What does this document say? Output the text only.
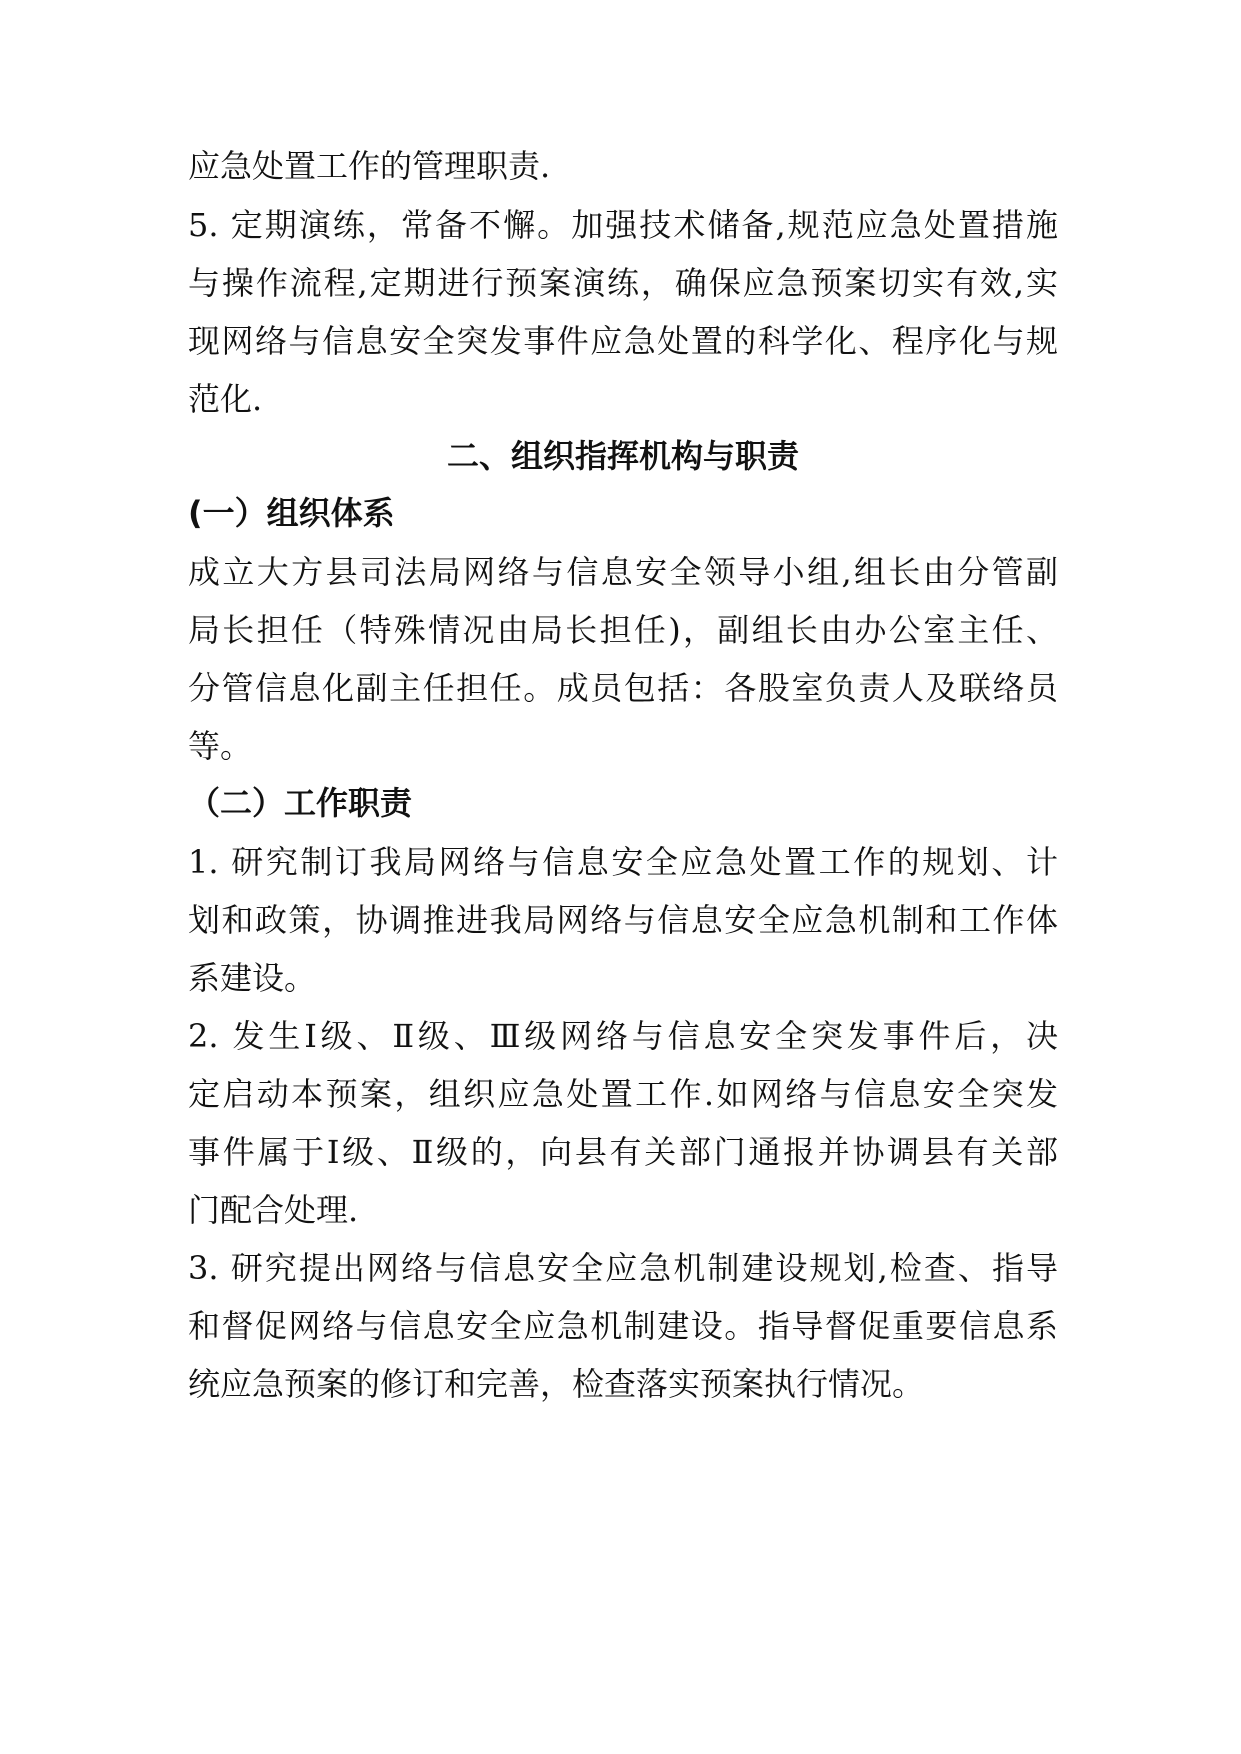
应急处置工作的管理职责.

5. 定期演练，常备不懈。加强技术储备,规范应急处置措施

与操作流程,定期进行预案演练，确保应急预案切实有效,实

现网络与信息安全突发事件应急处置的科学化、程序化与规

范化.

二、组织指挥机构与职责
(一）组织体系

成立大方县司法局网络与信息安全领导小组,组长由分管副

局长担任（特殊情况由局长担任)，副组长由办公室主任、

分管信息化副主任担任。成员包括：各股室负责人及联络员

等。

（二）工作职责

1. 研究制订我局网络与信息安全应急处置工作的规划、计

划和政策，协调推进我局网络与信息安全应急机制和工作体

系建设。

2. 发生Ⅰ级、Ⅱ级、Ⅲ级网络与信息安全突发事件后，决

定启动本预案，组织应急处置工作.如网络与信息安全突发

事件属于Ⅰ级、Ⅱ级的，向县有关部门通报并协调县有关部

门配合处理.

3. 研究提出网络与信息安全应急机制建设规划,检查、指导

和督促网络与信息安全应急机制建设。指导督促重要信息系

统应急预案的修订和完善，检查落实预案执行情况。
